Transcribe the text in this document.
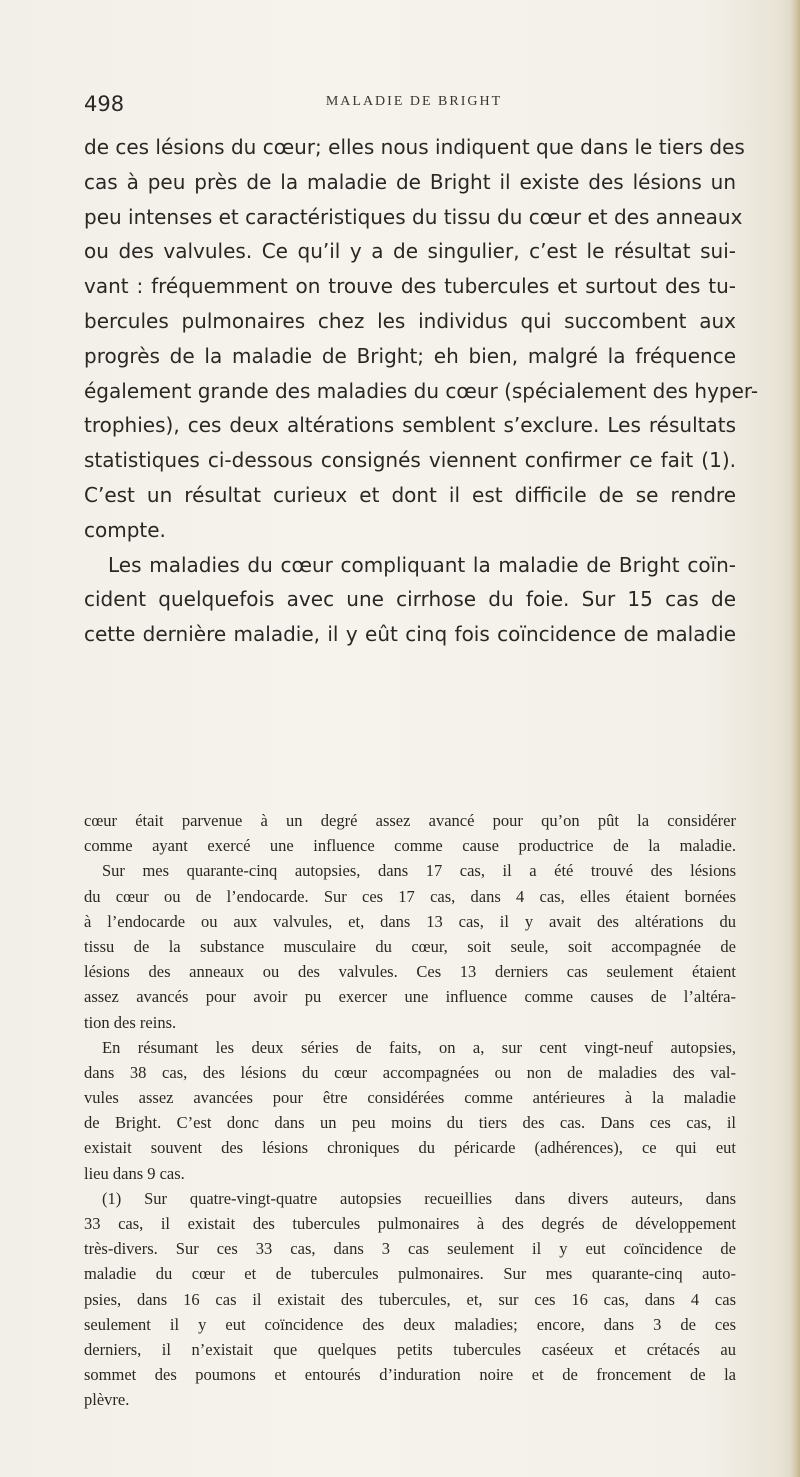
498	MALADIE DE BRIGHT
de ces lésions du cœur; elles nous indiquent que dans le tiers des
cas à peu près de la maladie de Bright il existe des lésions un
peu intenses et caractéristiques du tissu du cœur et des anneaux
ou des valvules. Ce qu’il y a de singulier, c’est le résultat sui-
vant : fréquemment on trouve des tubercules et surtout des tu-
bercules pulmonaires chez les individus qui succombent aux
progrès de la maladie de Bright; eh bien, malgré la fréquence
également grande des maladies du cœur (spécialement des hyper-
trophies), ces deux altérations semblent s’exclure. Les résultats
statistiques ci-dessous consignés viennent confirmer ce fait (1).
C’est un résultat curieux et dont il est difficile de se rendre
compte.
Les maladies du cœur compliquant la maladie de Bright coïn-
cident quelquefois avec une cirrhose du foie. Sur 15 cas de
cette dernière maladie, il y eût cinq fois coïncidence de maladie
cœur était parvenue à un degré assez avancé pour qu’on pût la considérer
comme ayant exercé une influence comme cause productrice de la maladie.
Sur mes quarante-cinq autopsies, dans 17 cas, il a été trouvé des lésions
du cœur ou de l’endocarde. Sur ces 17 cas, dans 4 cas, elles étaient bornées
à l’endocarde ou aux valvules, et, dans 13 cas, il y avait des altérations du
tissu de la substance musculaire du cœur, soit seule, soit accompagnée de
lésions des anneaux ou des valvules. Ces 13 derniers cas seulement étaient
assez avancés pour avoir pu exercer une influence comme causes de l’altéra-
tion des reins.
En résumant les deux séries de faits, on a, sur cent vingt-neuf autopsies,
dans 38 cas, des lésions du cœur accompagnées ou non de maladies des val-
vules assez avancées pour être considérées comme antérieures à la maladie
de Bright. C’est donc dans un peu moins du tiers des cas. Dans ces cas, il
existait souvent des lésions chroniques du péricarde (adhérences), ce qui eut
lieu dans 9 cas.
(1) Sur quatre-vingt-quatre autopsies recueillies dans divers auteurs, dans
33 cas, il existait des tubercules pulmonaires à des degrés de développement
très-divers. Sur ces 33 cas, dans 3 cas seulement il y eut coïncidence de
maladie du cœur et de tubercules pulmonaires. Sur mes quarante-cinq auto-
psies, dans 16 cas il existait des tubercules, et, sur ces 16 cas, dans 4 cas
seulement il y eut coïncidence des deux maladies; encore, dans 3 de ces
derniers, il n’existait que quelques petits tubercules caséeux et crétacés au
sommet des poumons et entourés d’induration noire et de froncement de la
plèvre.
